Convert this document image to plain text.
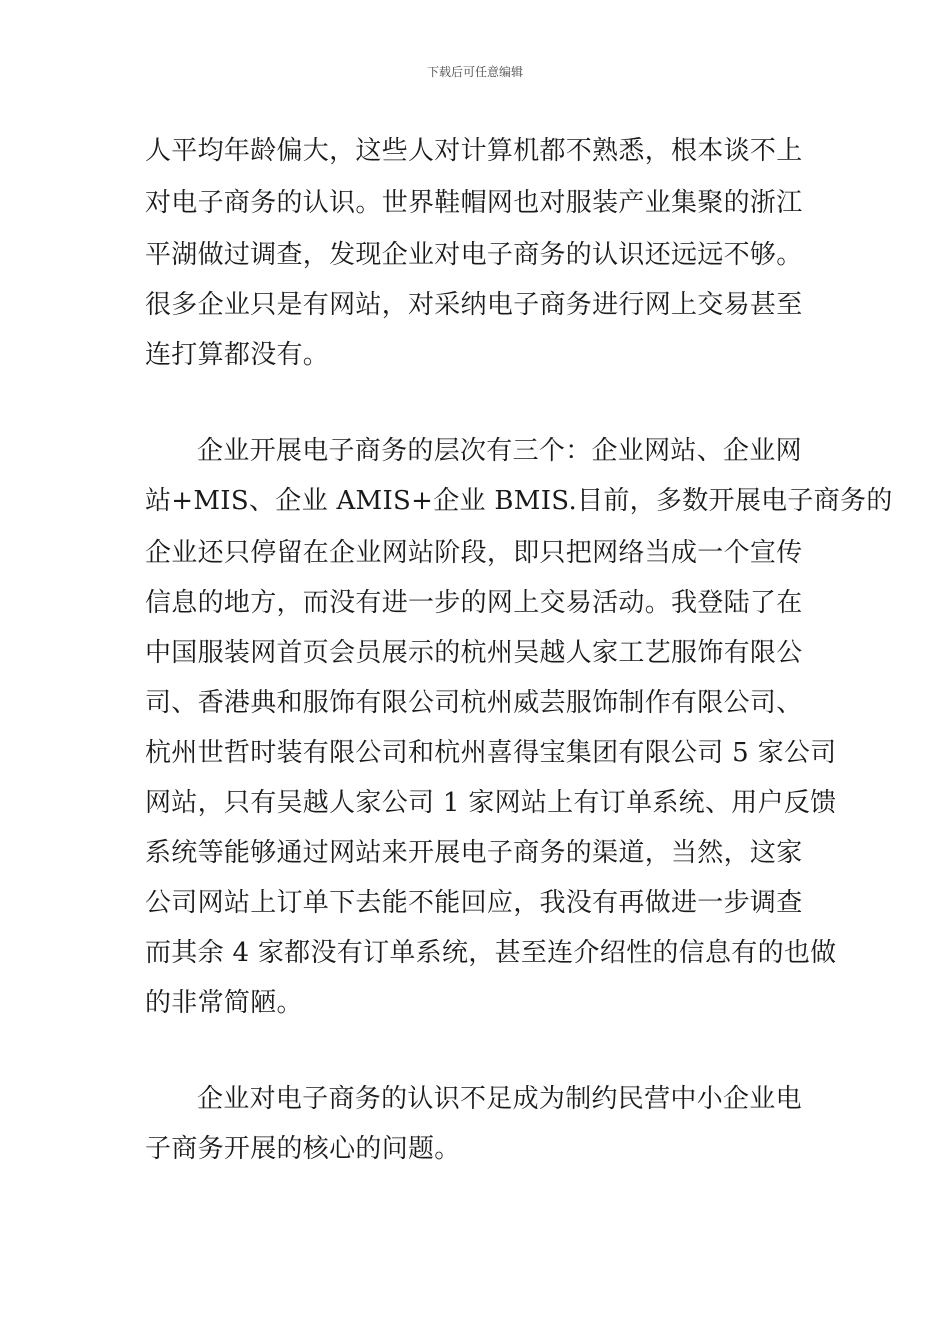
下载后可任意编辑
人平均年龄偏大，这些人对计算机都不熟悉，根本谈不上
对电子商务的认识。世界鞋帽网也对服装产业集聚的浙江
平湖做过调查，发现企业对电子商务的认识还远远不够。
很多企业只是有网站，对采纳电子商务进行网上交易甚至
连打算都没有。
企业开展电子商务的层次有三个：企业网站、企业网
站+MIS、企业 AMIS+企业 BMIS.目前，多数开展电子商务的
企业还只停留在企业网站阶段，即只把网络当成一个宣传
信息的地方，而没有进一步的网上交易活动。我登陆了在
中国服装网首页会员展示的杭州吴越人家工艺服饰有限公
司、香港典和服饰有限公司杭州威芸服饰制作有限公司、
杭州世哲时装有限公司和杭州喜得宝集团有限公司 5 家公司
网站，只有吴越人家公司 1 家网站上有订单系统、用户反馈
系统等能够通过网站来开展电子商务的渠道，当然，这家
公司网站上订单下去能不能回应，我没有再做进一步调查
而其余 4 家都没有订单系统，甚至连介绍性的信息有的也做
的非常简陋。
企业对电子商务的认识不足成为制约民营中小企业电
子商务开展的核心的问题。
